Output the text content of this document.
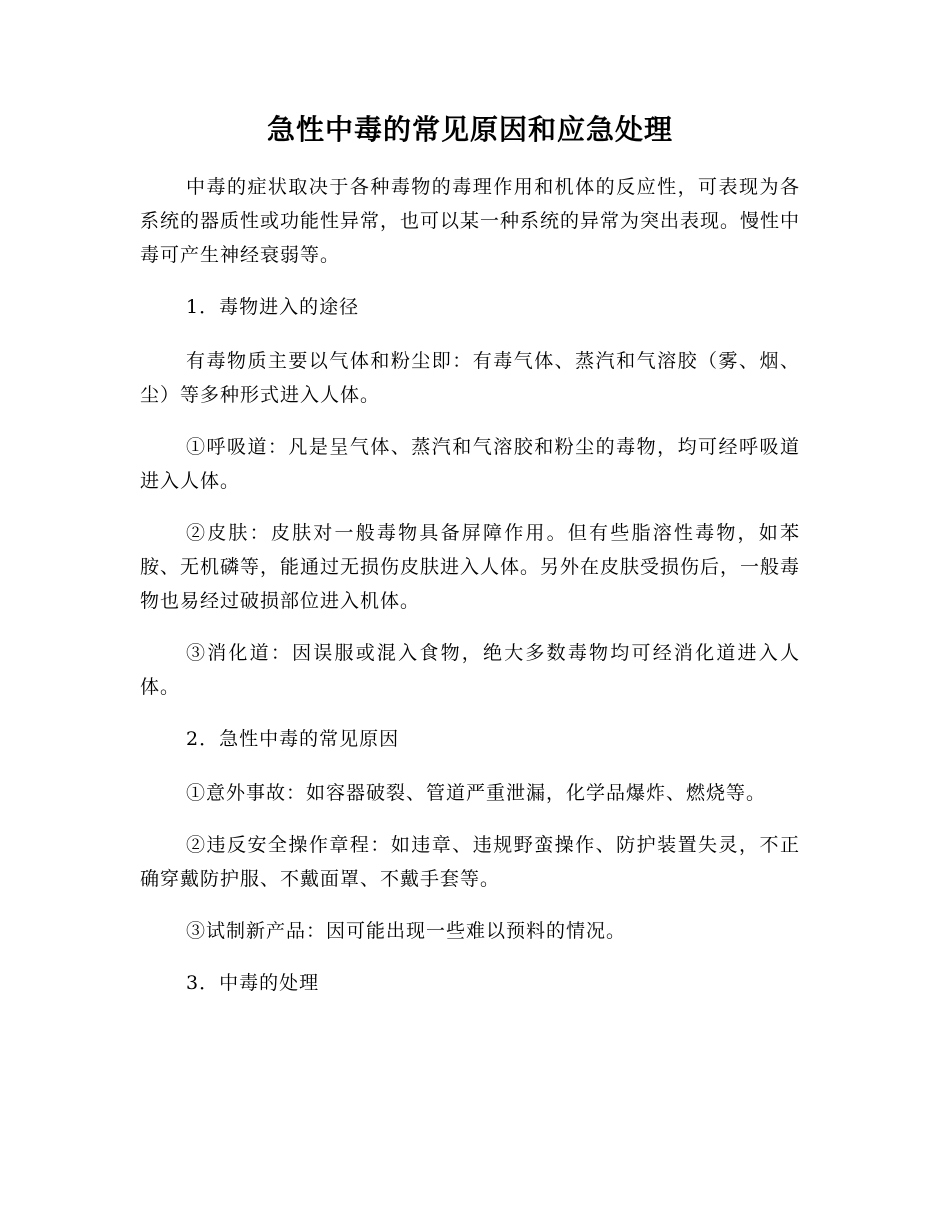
急性中毒的常见原因和应急处理

中毒的症状取决于各种毒物的毒理作用和机体的反应性，可表现为各系统的器质性或功能性异常，也可以某一种系统的异常为突出表现。慢性中毒可产生神经衰弱等。

1．毒物进入的途径

有毒物质主要以气体和粉尘即：有毒气体、蒸汽和气溶胶（雾、烟、尘）等多种形式进入人体。

①呼吸道：凡是呈气体、蒸汽和气溶胶和粉尘的毒物，均可经呼吸道进入人体。

②皮肤：皮肤对一般毒物具备屏障作用。但有些脂溶性毒物，如苯胺、无机磷等，能通过无损伤皮肤进入人体。另外在皮肤受损伤后，一般毒物也易经过破损部位进入机体。

③消化道：因误服或混入食物，绝大多数毒物均可经消化道进入人体。

2．急性中毒的常见原因

①意外事故：如容器破裂、管道严重泄漏，化学品爆炸、燃烧等。

②违反安全操作章程：如违章、违规野蛮操作、防护装置失灵，不正确穿戴防护服、不戴面罩、不戴手套等。

③试制新产品：因可能出现一些难以预料的情况。

3．中毒的处理
